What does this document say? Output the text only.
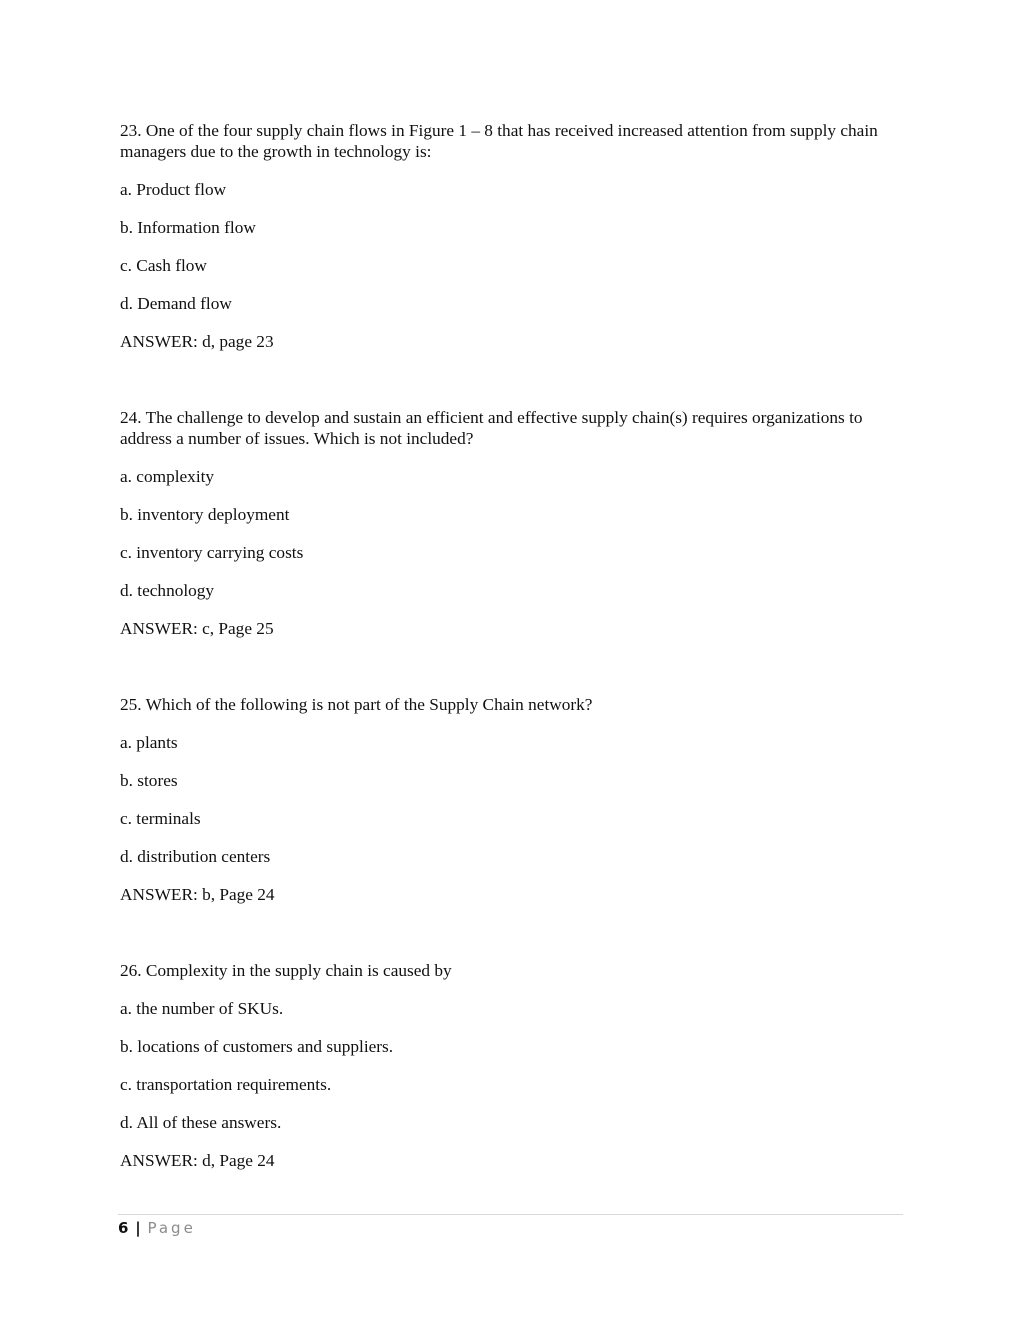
23. One of the four supply chain flows in Figure 1 – 8 that has received increased attention from supply chain managers due to the growth in technology is:

a. Product flow

b. Information flow

c. Cash flow

d. Demand flow

ANSWER: d, page 23

24. The challenge to develop and sustain an efficient and effective supply chain(s) requires organizations to address a number of issues. Which is not included?

a. complexity

b. inventory deployment

c. inventory carrying costs

d. technology

ANSWER: c, Page 25

25. Which of the following is not part of the Supply Chain network?

a. plants

b. stores

c. terminals

d. distribution centers

ANSWER: b, Page 24

26. Complexity in the supply chain is caused by

a. the number of SKUs.

b. locations of customers and suppliers.

c. transportation requirements.

d. All of these answers.

ANSWER: d, Page 24

6 | Page
